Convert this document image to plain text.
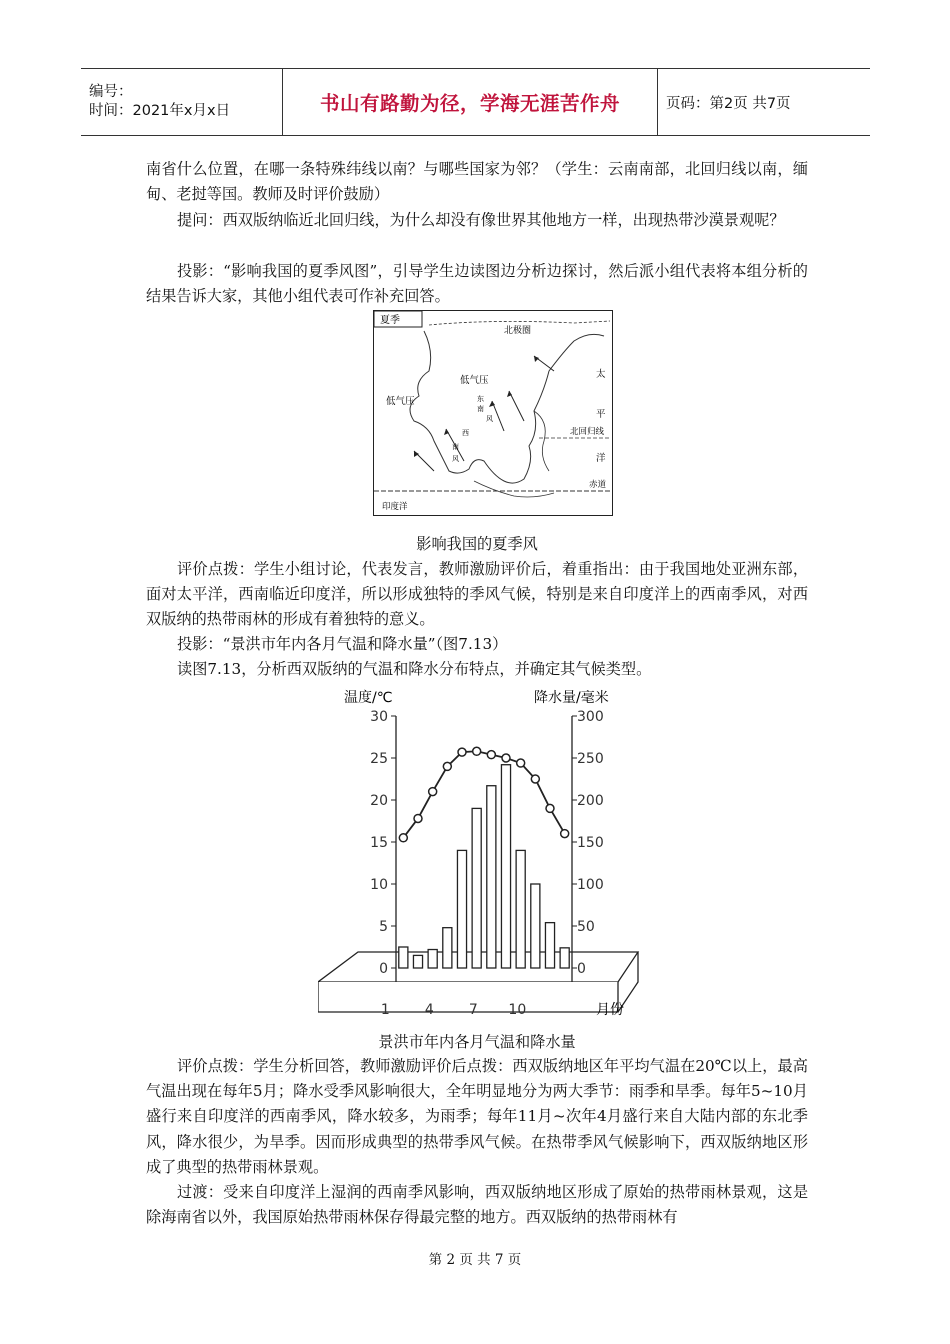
编号：
时间：2021年x月x日	书山有路勤为径，学海无涯苦作舟	页码：第2页 共7页
南省什么位置，在哪一条特殊纬线以南？与哪些国家为邻？（学生：云南南部，北回归线以南，缅甸、老挝等国。教师及时评价鼓励）
提问：西双版纳临近北回归线，为什么却没有像世界其他地方一样，出现热带沙漠景观呢？
投影：“影响我国的夏季风图”，引导学生边读图边分析边探讨，然后派小组代表将本组分析的结果告诉大家，其他小组代表可作补充回答。
夏季
北极圈
低气压
低气压	东
南
风
西
南
风
太
平
洋
北回归线
赤道
印度洋
影响我国的夏季风
评价点拨：学生小组讨论，代表发言，教师激励评价后，着重指出：由于我国地处亚洲东部，面对太平洋，西南临近印度洋，所以形成独特的季风气候，特别是来自印度洋上的西南季风，对西双版纳的热带雨林的形成有着独特的意义。
投影：“景洪市年内各月气温和降水量”（图7.13）
读图7.13，分析西双版纳的气温和降水分布特点，并确定其气候类型。
温度/℃	降水量/毫米
月份
0
5
10
15
20
25
30
0
50
100
150
200
250
300
1	4	7 10
景洪市年内各月气温和降水量
评价点拨：学生分析回答，教师激励评价后点拨：西双版纳地区年平均气温在20℃以上，最高气温出现在每年5月；降水受季风影响很大，全年明显地分为两大季节：雨季和旱季。每年5~10月盛行来自印度洋的西南季风，降水较多，为雨季；每年11月~次年4月盛行来自大陆内部的东北季风，降水很少，为旱季。因而形成典型的热带季风气候。在热带季风气候影响下，西双版纳地区形成了典型的热带雨林景观。
过渡：受来自印度洋上湿润的西南季风影响，西双版纳地区形成了原始的热带雨林景观，这是除海南省以外，我国原始热带雨林保存得最完整的地方。西双版纳的热带雨林有
第 2 页 共 7 页
